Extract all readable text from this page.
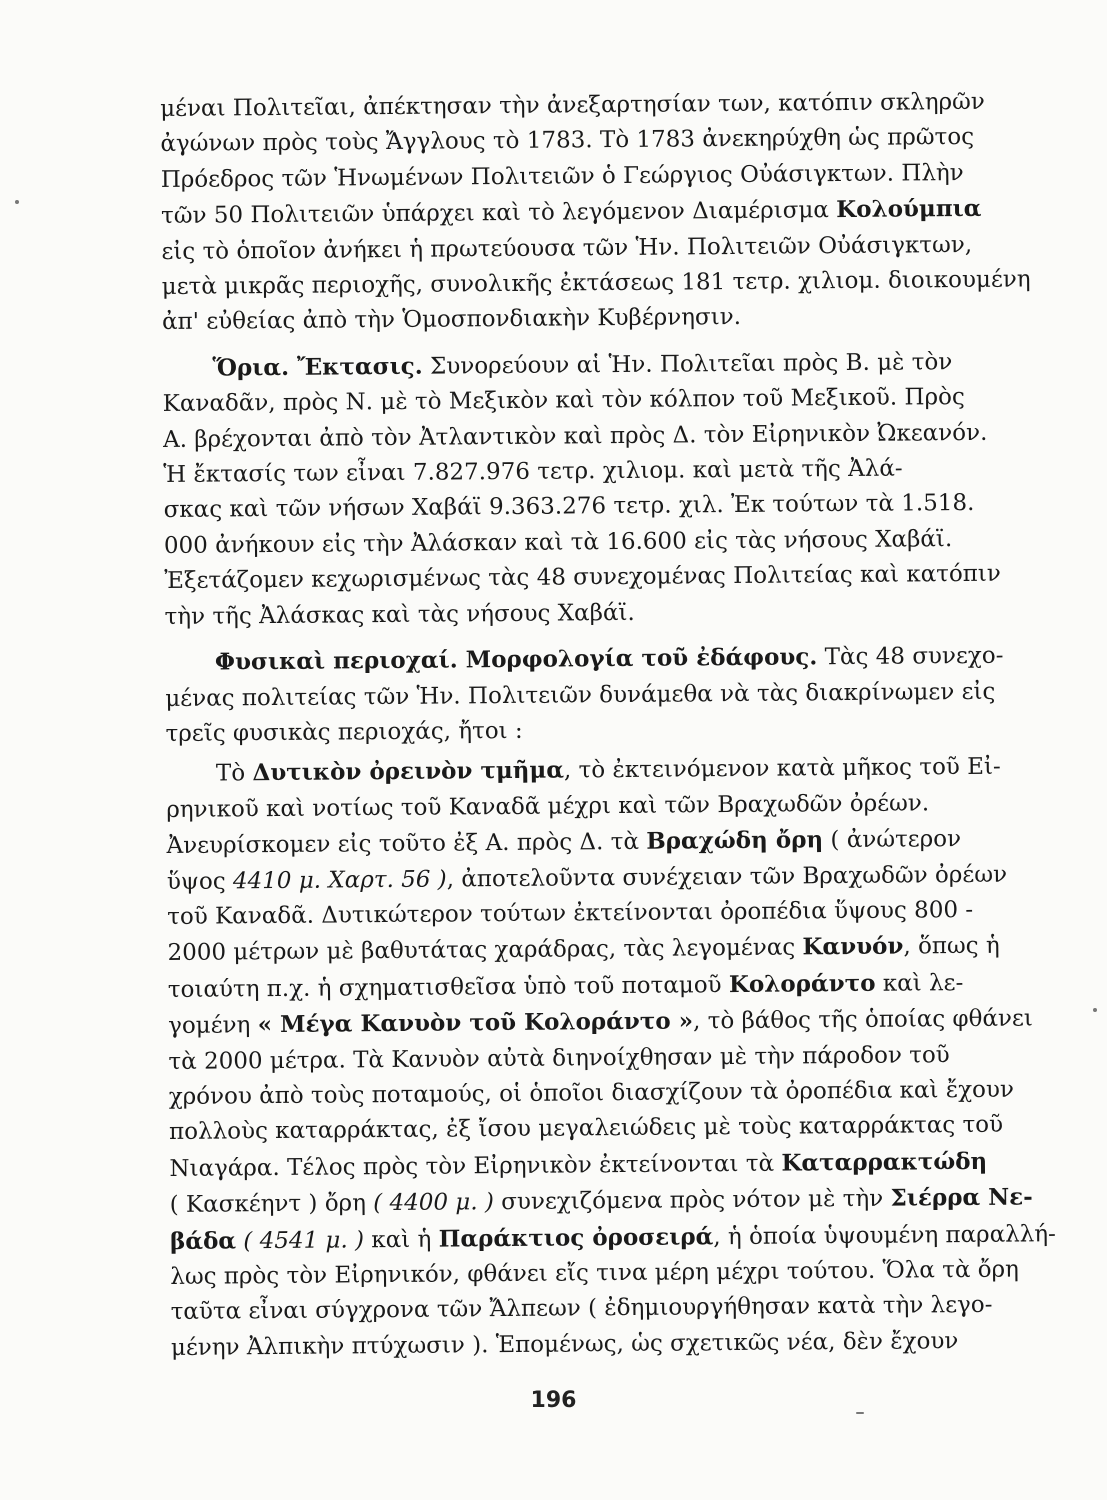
μέναι Πολιτεῖαι, ἀπέκτησαν τὴν ἀνεξαρτησίαν των, κατόπιν σκληρῶν
ἀγώνων πρὸς τοὺς Ἄγγλους τὸ 1783. Τὸ 1783 ἀνεκηρύχθη ὡς πρῶτος
Πρόεδρος τῶν Ἡνωμένων Πολιτειῶν ὁ Γεώργιος Οὐάσιγκτων. Πλὴν
τῶν 50 Πολιτειῶν ὑπάρχει καὶ τὸ λεγόμενον Διαμέρισμα Κολούμπια
εἰς τὸ ὁποῖον ἀνήκει ἡ πρωτεύουσα τῶν Ἡν. Πολιτειῶν Οὐάσιγκτων,
μετὰ μικρᾶς περιοχῆς, συνολικῆς ἐκτάσεως 181 τετρ. χιλιομ. διοικουμένη
ἀπ' εὐθείας ἀπὸ τὴν Ὁμοσπονδιακὴν Κυβέρνησιν.

Ὅρια. Ἔκτασις. Συνορεύουν αἱ Ἡν. Πολιτεῖαι πρὸς Β. μὲ τὸν
Καναδᾶν, πρὸς Ν. μὲ τὸ Μεξικὸν καὶ τὸν κόλπον τοῦ Μεξικοῦ. Πρὸς
Α. βρέχονται ἀπὸ τὸν Ἀτλαντικὸν καὶ πρὸς Δ. τὸν Εἰρηνικὸν Ὠκεανόν.
Ἡ ἔκτασίς των εἶναι 7.827.976 τετρ. χιλιομ. καὶ μετὰ τῆς Ἀλά-
σκας καὶ τῶν νήσων Χαβάϊ 9.363.276 τετρ. χιλ. Ἐκ τούτων τὰ 1.518.
000 ἀνήκουν εἰς τὴν Ἀλάσκαν καὶ τὰ 16.600 εἰς τὰς νήσους Χαβάϊ.
Ἐξετάζομεν κεχωρισμένως τὰς 48 συνεχομένας Πολιτείας καὶ κατόπιν
τὴν τῆς Ἀλάσκας καὶ τὰς νήσους Χαβάϊ.

Φυσικαὶ περιοχαί. Μορφολογία τοῦ ἐδάφους. Τὰς 48 συνεχο-
μένας πολιτείας τῶν Ἡν. Πολιτειῶν δυνάμεθα νὰ τὰς διακρίνωμεν εἰς
τρεῖς φυσικὰς περιοχάς, ἤτοι :

Τὸ Δυτικὸν ὀρεινὸν τμῆμα, τὸ ἐκτεινόμενον κατὰ μῆκος τοῦ Εἰ-
ρηνικοῦ καὶ νοτίως τοῦ Καναδᾶ μέχρι καὶ τῶν Βραχωδῶν ὀρέων.
Ἀνευρίσκομεν εἰς τοῦτο ἐξ Α. πρὸς Δ. τὰ Βραχώδη ὄρη ( ἀνώτερον
ὕψος 4410 μ. Χαρτ. 56 ), ἀποτελοῦντα συνέχειαν τῶν Βραχωδῶν ὀρέων
τοῦ Καναδᾶ. Δυτικώτερον τούτων ἐκτείνονται ὀροπέδια ὕψους 800 -
2000 μέτρων μὲ βαθυτάτας χαράδρας, τὰς λεγομένας Κανυόν, ὅπως ἡ
τοιαύτη π.χ. ἡ σχηματισθεῖσα ὑπὸ τοῦ ποταμοῦ Κολοράντο καὶ λε-
γομένη « Μέγα Κανυὸν τοῦ Κολοράντο », τὸ βάθος τῆς ὁποίας φθάνει
τὰ 2000 μέτρα. Τὰ Κανυὸν αὐτὰ διηνοίχθησαν μὲ τὴν πάροδον τοῦ
χρόνου ἀπὸ τοὺς ποταμούς, οἱ ὁποῖοι διασχίζουν τὰ ὀροπέδια καὶ ἔχουν
πολλοὺς καταρράκτας, ἐξ ἴσου μεγαλειώδεις μὲ τοὺς καταρράκτας τοῦ
Νιαγάρα. Τέλος πρὸς τὸν Εἰρηνικὸν ἐκτείνονται τὰ Καταρρακτώδη
( Κασκέηντ ) ὄρη ( 4400 μ. ) συνεχιζόμενα πρὸς νότον μὲ τὴν Σιέρρα Νε-
βάδα ( 4541 μ. ) καὶ ἡ Παράκτιος ὀροσειρά, ἡ ὁποία ὑψουμένη παραλλή-
λως πρὸς τὸν Εἰρηνικόν, φθάνει εἴς τινα μέρη μέχρι τούτου. Ὅλα τὰ ὄρη
ταῦτα εἶναι σύγχρονα τῶν Ἄλπεων ( ἐδημιουργήθησαν κατὰ τὴν λεγο-
μένην Ἀλπικὴν πτύχωσιν ). Ἑπομένως, ὡς σχετικῶς νέα, δὲν ἔχουν

196
